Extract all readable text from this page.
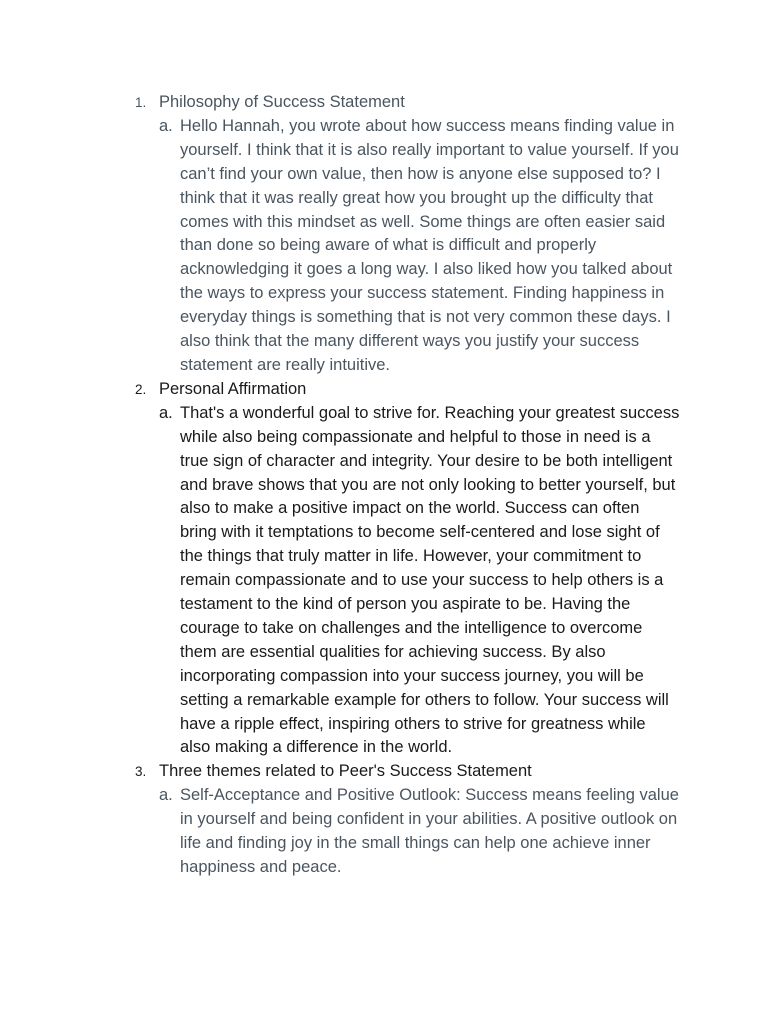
1. Philosophy of Success Statement
a. Hello Hannah, you wrote about how success means finding value in yourself. I think that it is also really important to value yourself. If you can’t find your own value, then how is anyone else supposed to? I think that it was really great how you brought up the difficulty that comes with this mindset as well. Some things are often easier said than done so being aware of what is difficult and properly acknowledging it goes a long way. I also liked how you talked about the ways to express your success statement. Finding happiness in everyday things is something that is not very common these days. I also think that the many different ways you justify your success statement are really intuitive.
2. Personal Affirmation
a. That's a wonderful goal to strive for. Reaching your greatest success while also being compassionate and helpful to those in need is a true sign of character and integrity. Your desire to be both intelligent and brave shows that you are not only looking to better yourself, but also to make a positive impact on the world. Success can often bring with it temptations to become self-centered and lose sight of the things that truly matter in life. However, your commitment to remain compassionate and to use your success to help others is a testament to the kind of person you aspirate to be. Having the courage to take on challenges and the intelligence to overcome them are essential qualities for achieving success. By also incorporating compassion into your success journey, you will be setting a remarkable example for others to follow. Your success will have a ripple effect, inspiring others to strive for greatness while also making a difference in the world.
3. Three themes related to Peer's Success Statement
a. Self-Acceptance and Positive Outlook: Success means feeling value in yourself and being confident in your abilities. A positive outlook on life and finding joy in the small things can help one achieve inner happiness and peace.
